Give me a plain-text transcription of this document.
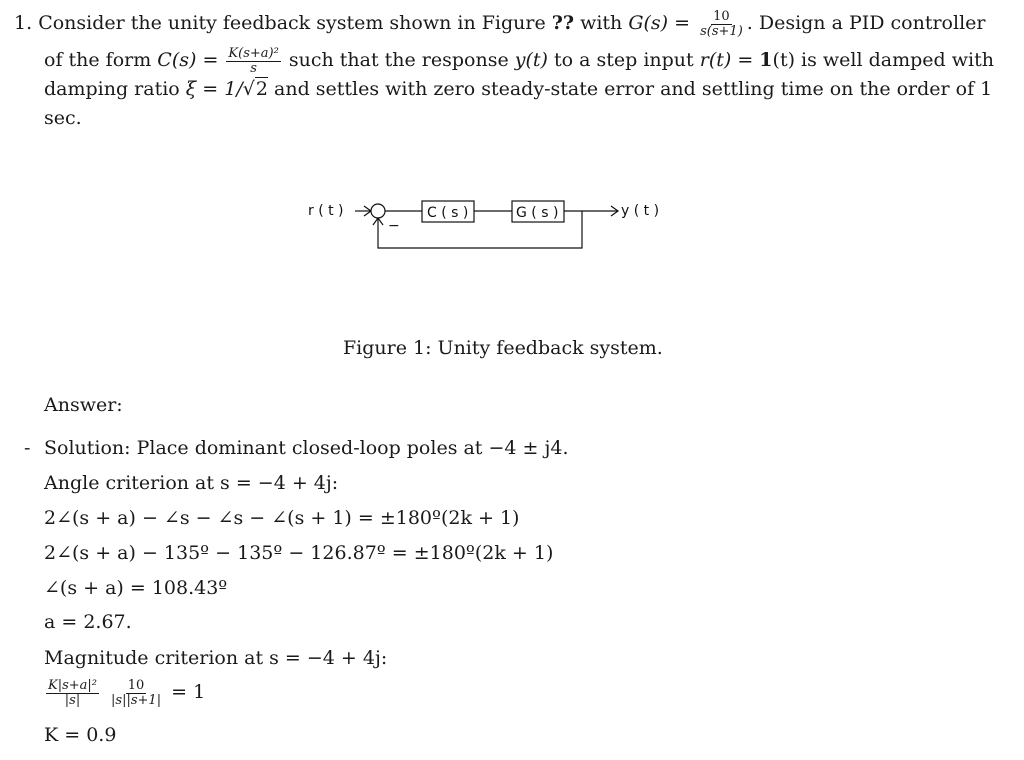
1. Consider the unity feedback system shown in Figure ?? with $G(s) = \frac{10}{s(s+1)}$ . Design a PID controller
of the form $C(s) = \frac{\text{K(s+a)²}}{s}$ such that the response y(t) to a step input r(t) = 1(t) is well damped with
damping ratio ξ = 1/√2 and settles with zero steady-state error and settling time on the order of 1
sec.
r ( t )
−
C ( s )	G ( s )	y ( t )
Figure 1: Unity feedback system.
Answer:
- Solution: Place dominant closed-loop poles at −4 ± j4.
Angle criterion at s = −4 + 4j:
2∠(s + a) − ∠s − ∠s − ∠(s + 1) = ±180º(2k + 1)
2∠(s + a) − 135º − 135º − 126.87º = ±180º(2k + 1)
∠(s + a) = 108.43º
a = 2.67.
Magnitude criterion at s = −4 + 4j:
$\frac{\text{K|s+a|²}}{|s|}$
$\frac{10}{|s||s+1|} = 1$
K = 0.9
